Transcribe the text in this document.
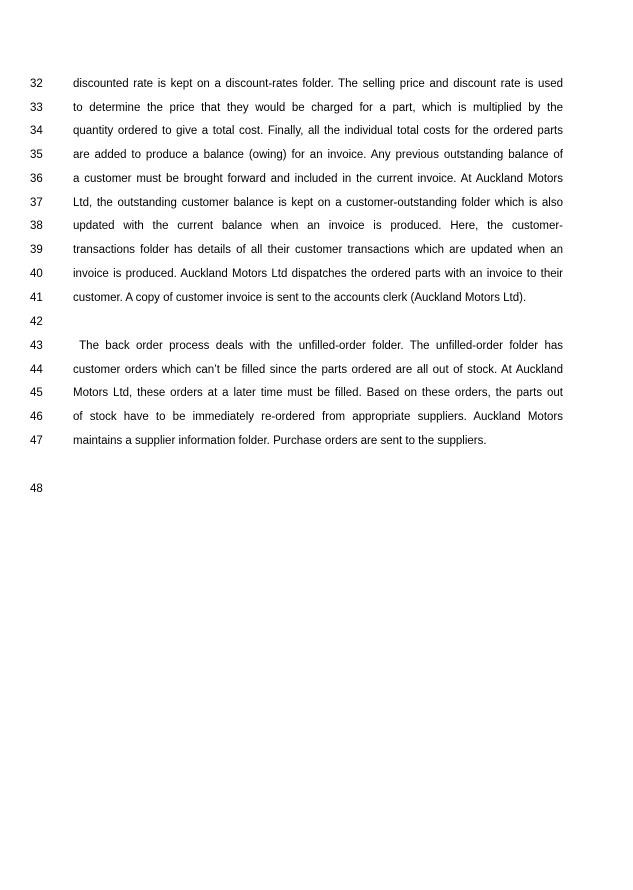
32	discounted rate is kept on a discount-rates folder. The selling price and discount rate is used
33	to determine the price that they would be charged for a part, which is multiplied by the
34	quantity ordered to give a total cost. Finally, all the individual total costs for the ordered parts
35	are added to produce a balance (owing) for an invoice. Any previous outstanding balance of
36	a customer must be brought forward and included in the current invoice. At Auckland Motors
37	Ltd, the outstanding customer balance is kept on a customer-outstanding folder which is also
38	updated with the current balance when an invoice is produced. Here, the customer-
39	transactions folder has details of all their customer transactions which are updated when an
40	invoice is produced. Auckland Motors Ltd dispatches the ordered parts with an invoice to their
41	customer. A copy of customer invoice is sent to the accounts clerk (Auckland Motors Ltd).
42
43	The back order process deals with the unfilled-order folder. The unfilled-order folder has
44	customer orders which can’t be filled since the parts ordered are all out of stock. At Auckland
45	Motors Ltd, these orders at a later time must be filled. Based on these orders, the parts out
46	of stock have to be immediately re-ordered from appropriate suppliers. Auckland Motors
47	maintains a supplier information folder. Purchase orders are sent to the suppliers.
48
